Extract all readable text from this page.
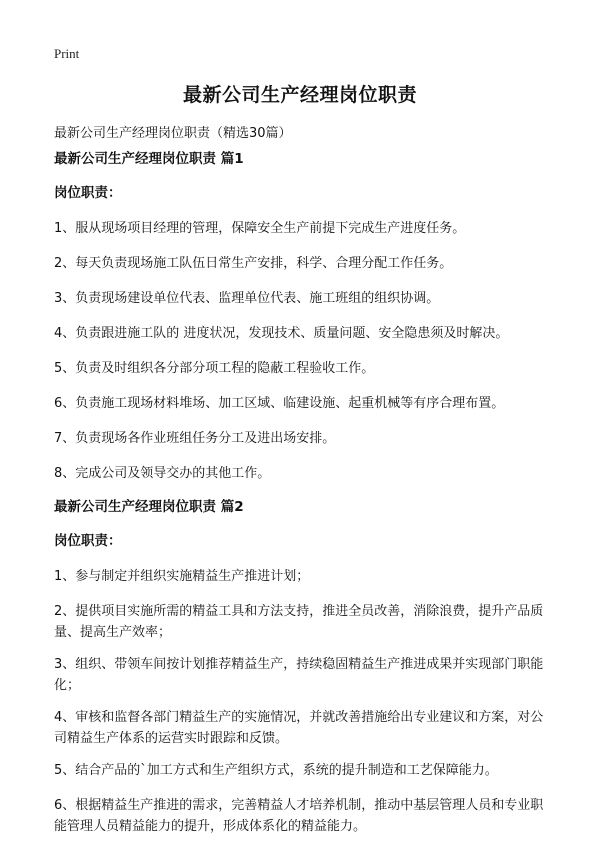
Print
最新公司生产经理岗位职责
最新公司生产经理岗位职责（精选30篇）
最新公司生产经理岗位职责 篇1
岗位职责：
1、服从现场项目经理的管理，保障安全生产前提下完成生产进度任务。
2、每天负责现场施工队伍日常生产安排，科学、合理分配工作任务。
3、负责现场建设单位代表、监理单位代表、施工班组的组织协调。
4、负责跟进施工队的 进度状况，发现技术、质量问题、安全隐患须及时解决。
5、负责及时组织各分部分项工程的隐蔽工程验收工作。
6、负责施工现场材料堆场、加工区域、临建设施、起重机械等有序合理布置。
7、负责现场各作业班组任务分工及进出场安排。
8、完成公司及领导交办的其他工作。
最新公司生产经理岗位职责 篇2
岗位职责：
1、参与制定并组织实施精益生产推进计划；
2、提供项目实施所需的精益工具和方法支持，推进全员改善，消除浪费，提升产品质量、提高生产效率；
3、组织、带领车间按计划推荐精益生产，持续稳固精益生产推进成果并实现部门职能化；
4、审核和监督各部门精益生产的实施情况，并就改善措施给出专业建议和方案，对公司精益生产体系的运营实时跟踪和反馈。
5、结合产品的`加工方式和生产组织方式，系统的提升制造和工艺保障能力。
6、根据精益生产推进的需求，完善精益人才培养机制，推动中基层管理人员和专业职能管理人员精益能力的提升，形成体系化的精益能力。
